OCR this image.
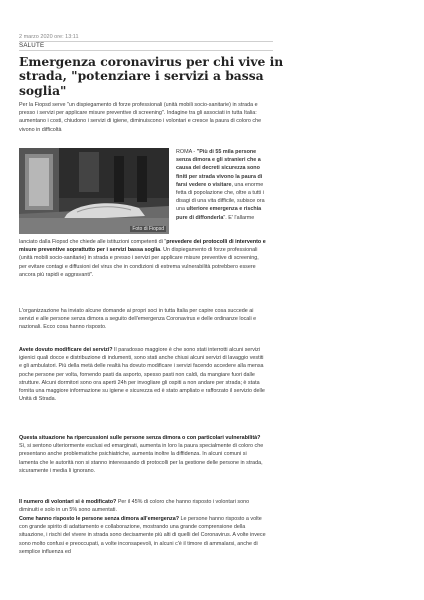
2 marzo 2020 ore: 13:11
SALUTE
Emergenza coronavirus per chi vive in strada, "potenziare i servizi a bassa soglia"

Per la Fiopsd serve "un dispiegamento di forze professionali (unità mobili socio-sanitarie) in strada e presso i servizi per applicare misure preventive di screening". Indagine tra gli associati in tutta Italia: aumentano i costi, chiudono i servizi di igiene, diminuiscono i volontari e cresce la paura di coloro che vivono in difficoltà

Foto di Fiopsd

ROMA - "Più di 55 mila persone senza dimora e gli stranieri che a causa dei decreti sicurezza sono finiti per strada vivono la paura di farsi vedere o visitare, una enorme fetta di popolazione che, oltre a tutti i disagi di una vita difficile, subisce ora una ulteriore emergenza e rischia pure di diffonderla". E' l'allarme

lanciato dalla Fiopsd che chiede alle istituzioni competenti di "prevedere dei protocolli di intervento e misure preventive soprattutto per i servizi bassa soglia. Un dispiegamento di forze professionali (unità mobili socio-sanitarie) in strada e presso i servizi per applicare misure preventive di screening, per evitare contagi e diffusioni del virus che in condizioni di estrema vulnerabilità potrebbero essere ancora più rapidi e aggravanti".

L'organizzazione ha inviato alcune domande ai propri soci in tutta Italia per capire cosa succede ai servizi e alle persone senza dimora a seguito dell'emergenza Coronavirus e delle ordinanze locali e nazionali. Ecco cosa hanno risposto.

Avete dovuto modificare dei servizi? Il paradosso maggiore è che sono stati interrotti alcuni servizi igienici quali docce e distribuzione di indumenti, sono stati anche chiusi alcuni servizi di lavaggio vestiti e gli ambulatori. Più della metà delle realtà ha dovuto modificare i servizi facendo accedere alla mensa poche persone per volta, fornendo pasti da asporto, spesso pasti non caldi, da mangiare fuori dalle strutture. Alcuni dormitori sono ora aperti 24h per invogliare gli ospiti a non andare per strada; è stata fornita una maggiore informazione su igiene e sicurezza ed è stato ampliato e rafforzato il servizio delle Unità di Strada.

Questa situazione ha ripercussioni sulle persone senza dimora o con particolari vulnerabilità? Sì, si sentono ulteriormente esclusi ed emarginati, aumenta in loro la paura specialmente di coloro che presentano anche problematiche psichiatriche, aumenta inoltre la diffidenza. In alcuni comuni si lamenta che le autorità non si stanno interessando di protocolli per la gestione delle persone in strada, sicuramente i media li ignorano.

Il numero di volontari si è modificato? Per il 45% di coloro che hanno risposto i volontari sono diminuiti e solo in un 5% sono aumentati.

Come hanno risposto le persone senza dimora all'emergenza? Le persone hanno risposto a volte con grande spirito di adattamento e collaborazione, mostrando una grande comprensione della situazione, i rischi del vivere in strada sono decisamente più alti di quelli del Coronavirus. A volte invece sono molto confusi e preoccupati, a volte inconsapevoli, in alcuni c'è il timore di ammalarsi, anche di semplice influenza ed
